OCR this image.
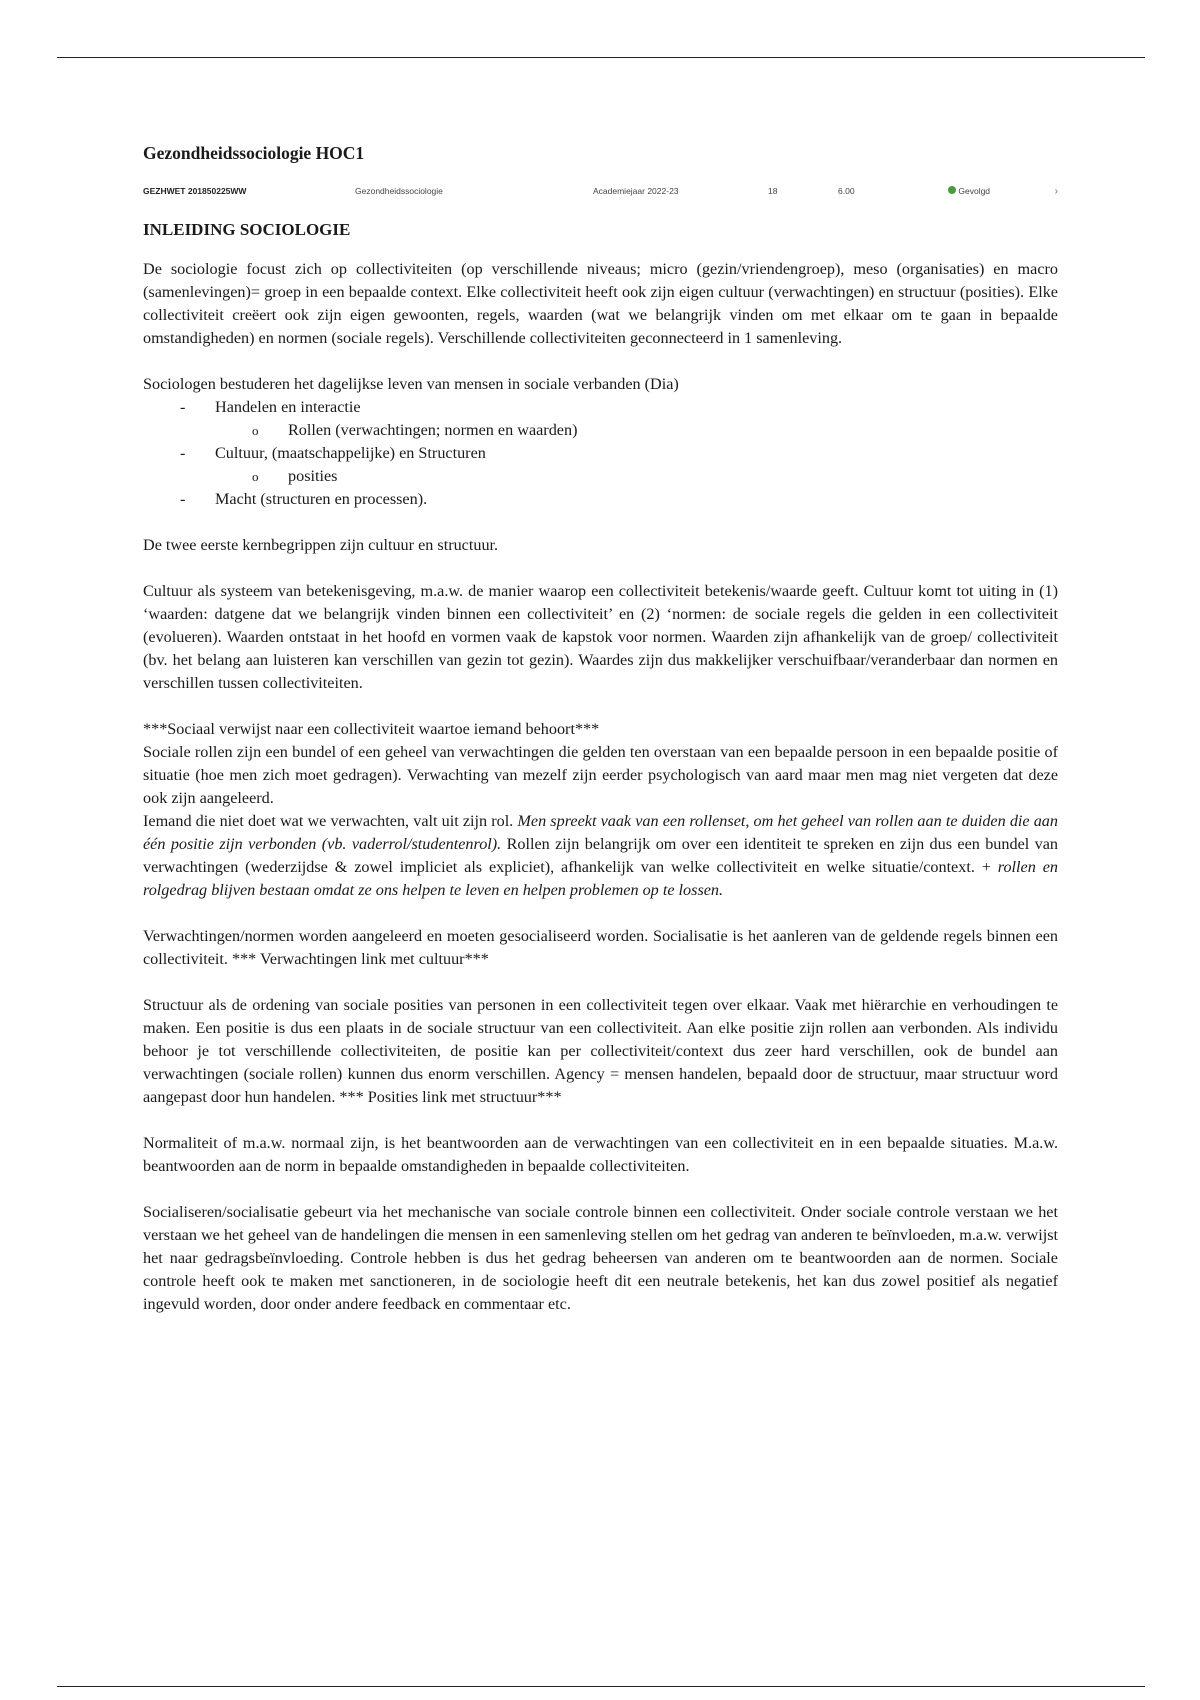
Gezondheidssociologie HOC1
GEZHWET 201850225WW	Gezondheidssociologie	Academiejaar 2022-23	18	6.00	Gevolgd	›
INLEIDING SOCIOLOGIE

De sociologie focust zich op collectiviteiten (op verschillende niveaus; micro (gezin/vriendengroep), meso (organisaties) en macro (samenlevingen)= groep in een bepaalde context. Elke collectiviteit heeft ook zijn eigen cultuur (verwachtingen) en structuur (posities). Elke collectiviteit creëert ook zijn eigen gewoonten, regels, waarden (wat we belangrijk vinden om met elkaar om te gaan in bepaalde omstandigheden) en normen (sociale regels). Verschillende collectiviteiten geconnecteerd in 1 samenleving.

Sociologen bestuderen het dagelijkse leven van mensen in sociale verbanden (Dia)

- Handelen en interactie
o Rollen (verwachtingen; normen en waarden)
- Cultuur, (maatschappelijke) en Structuren
o posities
- Macht (structuren en processen).

De twee eerste kernbegrippen zijn cultuur en structuur.

Cultuur als systeem van betekenisgeving, m.a.w. de manier waarop een collectiviteit betekenis/waarde geeft. Cultuur komt tot uiting in (1) ‘waarden: datgene dat we belangrijk vinden binnen een collectiviteit’ en (2) ‘normen: de sociale regels die gelden in een collectiviteit (evolueren). Waarden ontstaat in het hoofd en vormen vaak de kapstok voor normen. Waarden zijn afhankelijk van de groep/ collectiviteit (bv. het belang aan luisteren kan verschillen van gezin tot gezin). Waardes zijn dus makkelijker verschuifbaar/veranderbaar dan normen en verschillen tussen collectiviteiten.

***Sociaal verwijst naar een collectiviteit waartoe iemand behoort***

Sociale rollen zijn een bundel of een geheel van verwachtingen die gelden ten overstaan van een bepaalde persoon in een bepaalde positie of situatie (hoe men zich moet gedragen). Verwachting van mezelf zijn eerder psychologisch van aard maar men mag niet vergeten dat deze ook zijn aangeleerd.

Iemand die niet doet wat we verwachten, valt uit zijn rol. Men spreekt vaak van een rollenset, om het geheel van rollen aan te duiden die aan één positie zijn verbonden (vb. vaderrol/studentenrol). Rollen zijn belangrijk om over een identiteit te spreken en zijn dus een bundel van verwachtingen (wederzijdse & zowel impliciet als expliciet), afhankelijk van welke collectiviteit en welke situatie/context. + rollen en rolgedrag blijven bestaan omdat ze ons helpen te leven en helpen problemen op te lossen.

Verwachtingen/normen worden aangeleerd en moeten gesocialiseerd worden. Socialisatie is het aanleren van de geldende regels binnen een collectiviteit. *** Verwachtingen link met cultuur***

Structuur als de ordening van sociale posities van personen in een collectiviteit tegen over elkaar. Vaak met hiërarchie en verhoudingen te maken. Een positie is dus een plaats in de sociale structuur van een collectiviteit. Aan elke positie zijn rollen aan verbonden. Als individu behoor je tot verschillende collectiviteiten, de positie kan per collectiviteit/context dus zeer hard verschillen, ook de bundel aan verwachtingen (sociale rollen) kunnen dus enorm verschillen. Agency = mensen handelen, bepaald door de structuur, maar structuur word aangepast door hun handelen. *** Posities link met structuur***

Normaliteit of m.a.w. normaal zijn, is het beantwoorden aan de verwachtingen van een collectiviteit en in een bepaalde situaties. M.a.w. beantwoorden aan de norm in bepaalde omstandigheden in bepaalde collectiviteiten.

Socialiseren/socialisatie gebeurt via het mechanische van sociale controle binnen een collectiviteit. Onder sociale controle verstaan we het verstaan we het geheel van de handelingen die mensen in een samenleving stellen om het gedrag van anderen te beïnvloeden, m.a.w. verwijst het naar gedragsbeïnvloeding. Controle hebben is dus het gedrag beheersen van anderen om te beantwoorden aan de normen. Sociale controle heeft ook te maken met sanctioneren, in de sociologie heeft dit een neutrale betekenis, het kan dus zowel positief als negatief ingevuld worden, door onder andere feedback en commentaar etc.
